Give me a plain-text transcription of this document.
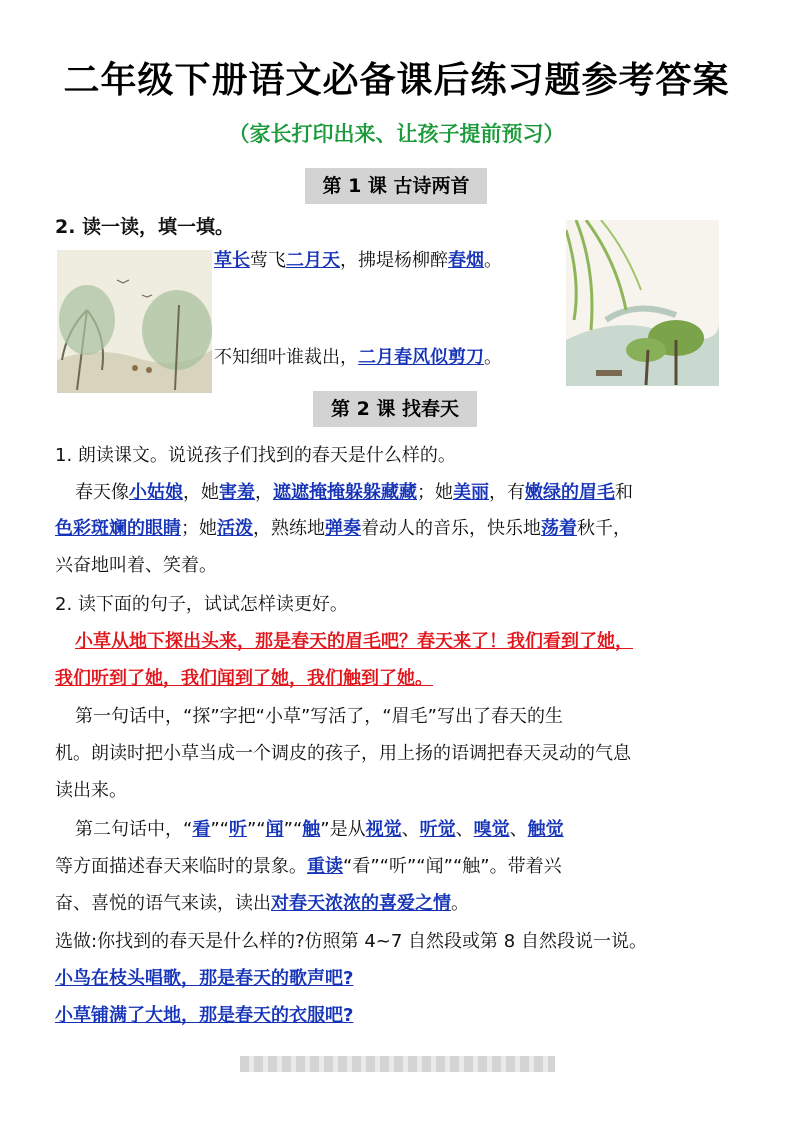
二年级下册语文必备课后练习题参考答案
（家长打印出来、让孩子提前预习）
第 1 课 古诗两首
2. 读一读，填一填。
草长莺飞二月天，拂堤杨柳醉春烟。
不知细叶谁裁出，二月春风似剪刀。
第 2 课 找春天
1. 朗读课文。说说孩子们找到的春天是什么样的。
春天像小姑娘，她害羞，遮遮掩掩躲躲藏藏；她美丽，有嫩绿的眉毛和
色彩斑斓的眼睛；她活泼，熟练地弹奏着动人的音乐，快乐地荡着秋千，
兴奋地叫着、笑着。
2. 读下面的句子，试试怎样读更好。
小草从地下探出头来，那是春天的眉毛吧？春天来了！我们看到了她，
我们听到了她，我们闻到了她，我们触到了她。
第一句话中，“探”字把“小草”写活了，“眉毛”写出了春天的生
机。朗读时把小草当成一个调皮的孩子，用上扬的语调把春天灵动的气息
读出来。
第二句话中，“看”“听”“闻”“触”是从视觉、听觉、嗅觉、触觉
等方面描述春天来临时的景象。重读“看”“听”“闻”“触”。带着兴
奋、喜悦的语气来读，读出对春天浓浓的喜爱之情。
选做:你找到的春天是什么样的?仿照第 4~7 自然段或第 8 自然段说一说。
小鸟在枝头唱歌，那是春天的歌声吧?
小草铺满了大地，那是春天的衣服吧?
